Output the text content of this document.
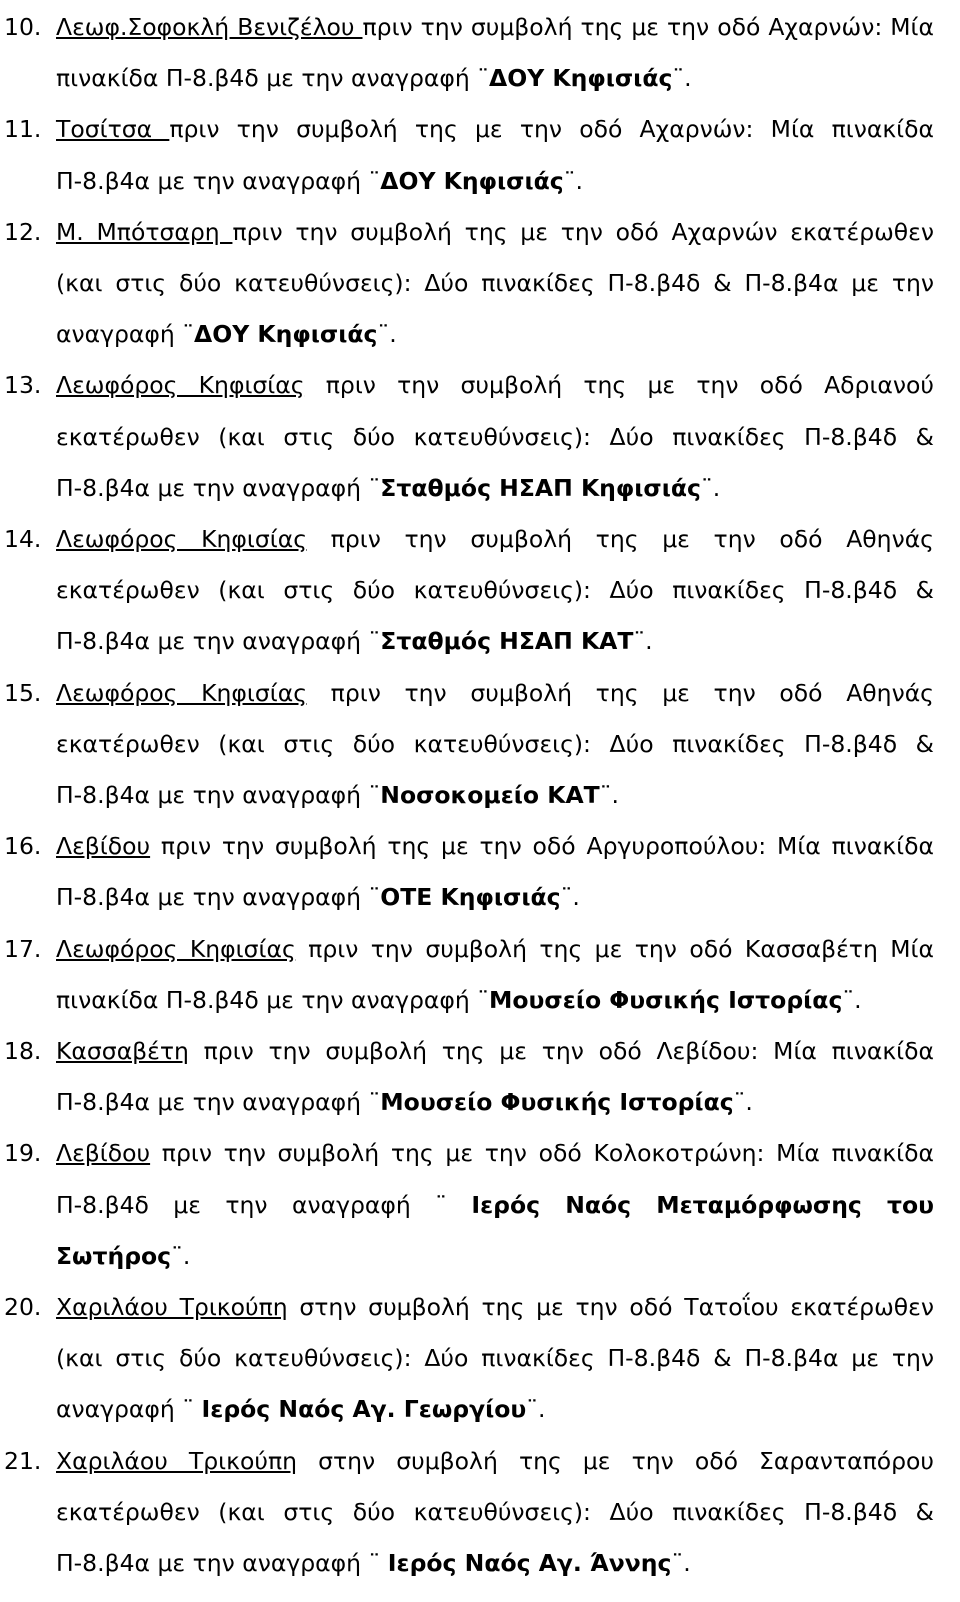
10. Λεωφ.Σοφοκλή Βενιζέλου πριν την συμβολή της με την οδό Αχαρνών: Μία πινακίδα Π-8.β4δ με την αναγραφή ¨ΔΟΥ Κηφισιάς¨.
11. Τοσίτσα πριν την συμβολή της με την οδό Αχαρνών: Μία πινακίδα Π-8.β4α με την αναγραφή ¨ΔΟΥ Κηφισιάς¨.
12. Μ. Μπότσαρη πριν την συμβολή της με την οδό Αχαρνών εκατέρωθεν (και στις δύο κατευθύνσεις): Δύο πινακίδες Π-8.β4δ & Π-8.β4α με την αναγραφή ¨ΔΟΥ Κηφισιάς¨.
13. Λεωφόρος Κηφισίας πριν την συμβολή της με την οδό Αδριανού εκατέρωθεν (και στις δύο κατευθύνσεις): Δύο πινακίδες Π-8.β4δ & Π-8.β4α με την αναγραφή ¨Σταθμός ΗΣΑΠ Κηφισιάς¨.
14. Λεωφόρος Κηφισίας πριν την συμβολή της με την οδό Αθηνάς εκατέρωθεν (και στις δύο κατευθύνσεις): Δύο πινακίδες Π-8.β4δ & Π-8.β4α με την αναγραφή ¨Σταθμός ΗΣΑΠ ΚΑΤ¨.
15. Λεωφόρος Κηφισίας πριν την συμβολή της με την οδό Αθηνάς εκατέρωθεν (και στις δύο κατευθύνσεις): Δύο πινακίδες Π-8.β4δ & Π-8.β4α με την αναγραφή ¨Νοσοκομείο ΚΑΤ¨.
16. Λεβίδου πριν την συμβολή της με την οδό Αργυροπούλου: Μία πινακίδα Π-8.β4α με την αναγραφή ¨ΟΤΕ Κηφισιάς¨.
17. Λεωφόρος Κηφισίας πριν την συμβολή της με την οδό Κασσαβέτη Μία πινακίδα Π-8.β4δ με την αναγραφή ¨Μουσείο Φυσικής Ιστορίας¨.
18. Κασσαβέτη πριν την συμβολή της με την οδό Λεβίδου: Μία πινακίδα Π-8.β4α με την αναγραφή ¨Μουσείο Φυσικής Ιστορίας¨.
19. Λεβίδου πριν την συμβολή της με την οδό Κολοκοτρώνη: Μία πινακίδα Π-8.β4δ με την αναγραφή ¨ Ιερός Ναός Μεταμόρφωσης του Σωτήρος¨.
20. Χαριλάου Τρικούπη στην συμβολή της με την οδό Τατοΐου εκατέρωθεν (και στις δύο κατευθύνσεις): Δύο πινακίδες Π-8.β4δ & Π-8.β4α με την αναγραφή ¨ Ιερός Ναός Αγ. Γεωργίου¨.
21. Χαριλάου Τρικούπη στην συμβολή της με την οδό Σαρανταπόρου εκατέρωθεν (και στις δύο κατευθύνσεις): Δύο πινακίδες Π-8.β4δ & Π-8.β4α με την αναγραφή ¨ Ιερός Ναός Αγ. Άννης¨.
